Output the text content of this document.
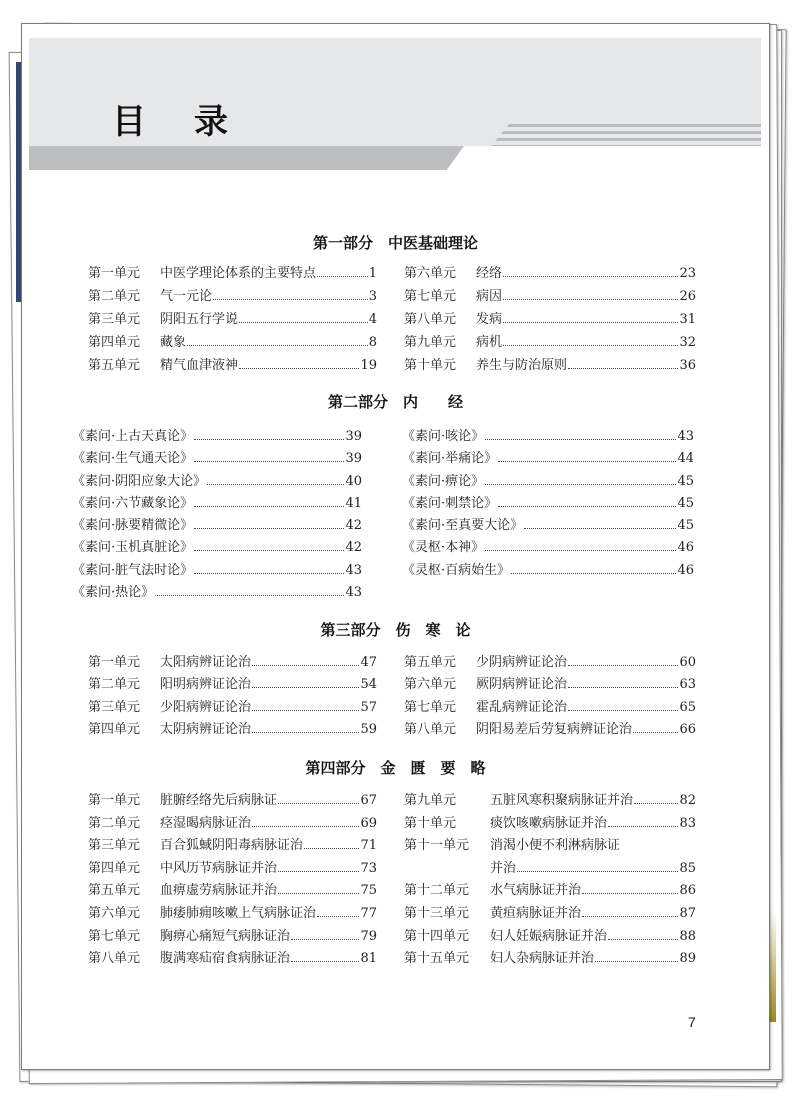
目 录
第一部分　中医基础理论
第一单元	中医学理论体系的主要特点	1
第二单元	气一元论	3
第三单元	阴阳五行学说	4
第四单元	藏象	8
第五单元	精气血津液神	19
第六单元	经络	23
第七单元	病因	26
第八单元	发病	31
第九单元	病机	32
第十单元	养生与防治原则	36
第二部分　内　　经
《素问·上古天真论》	39
《素问·生气通天论》	39
《素问·阴阳应象大论》	40
《素问·六节藏象论》	41
《素问·脉要精微论》	42
《素问·玉机真脏论》	42
《素问·脏气法时论》	43
《素问·热论》	43
《素问·咳论》	43
《素问·举痛论》	44
《素问·痹论》	45
《素问·刺禁论》	45
《素问·至真要大论》	45
《灵枢·本神》	46
《灵枢·百病始生》	46
第三部分　伤　寒　论
第一单元	太阳病辨证论治	47
第二单元	阳明病辨证论治	54
第三单元	少阳病辨证论治	57
第四单元	太阴病辨证论治	59
第五单元	少阴病辨证论治	60
第六单元	厥阴病辨证论治	63
第七单元	霍乱病辨证论治	65
第八单元	阴阳易差后劳复病辨证论治	66
第四部分　金　匮　要　略
第一单元	脏腑经络先后病脉证	67
第二单元	痉湿暍病脉证治	69
第三单元	百合狐蜮阴阳毒病脉证治	71
第四单元	中风历节病脉证并治	73
第五单元	血痹虚劳病脉证并治	75
第六单元	肺痿肺痈咳嗽上气病脉证治	77
第七单元	胸痹心痛短气病脉证治	79
第八单元	腹满寒疝宿食病脉证治	81
第九单元	五脏风寒积聚病脉证并治	82
第十单元	痰饮咳嗽病脉证并治	83
第十一单元	消渴小便不利淋病脉证
并治	85
第十二单元	水气病脉证并治	86
第十三单元	黄疸病脉证并治	87
第十四单元	妇人妊娠病脉证并治	88
第十五单元	妇人杂病脉证并治	89
7
